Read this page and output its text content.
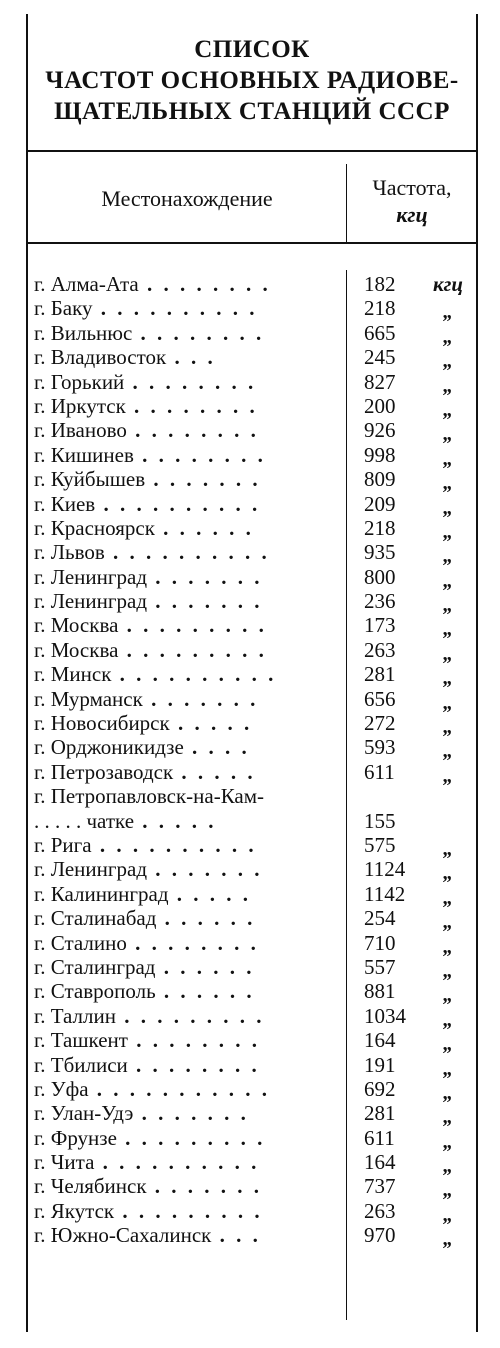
СПИСОК
ЧАСТОТ ОСНОВНЫХ РАДИОВЕ-
ЩАТЕЛЬНЫХ СТАНЦИЙ СССР
Местонахождение	Частота,
кгц
г. Алма-Ата . . . . . . . .	182	кгц
г. Баку . . . . . . . . . .	218	„
г. Вильнюс . . . . . . . .	665	„
г. Владивосток . . .	245	„
г. Горький . . . . . . . .	827	„
г. Иркутск . . . . . . . .	200	„
г. Иваново . . . . . . . .	926	„
г. Кишинев . . . . . . . .	998	„
г. Куйбышев . . . . . . .	809	„
г. Киев . . . . . . . . . .	209	„
г. Красноярск . . . . . .	218	„
г. Львов . . . . . . . . . .	935	„
г. Ленинград . . . . . . .	800	„
г. Ленинград . . . . . . .	236	„
г. Москва . . . . . . . . .	173	„
г. Москва . . . . . . . . .	263	„
г. Минск . . . . . . . . . .	281	„
г. Мурманск . . . . . . .	656	„
г. Новосибирск . . . . .	272	„
г. Орджоникидзе . . . .	593	„
г. Петрозаводск . . . . .	611	„
г. Петропавловск-на-Кам-
. . . . . чатке . . . . .	155
г. Рига . . . . . . . . . .	575	„
г. Ленинград . . . . . . .	1124	„
г. Калининград . . . . .	1142	„
г. Сталинабад . . . . . .	254	„
г. Сталино . . . . . . . .	710	„
г. Сталинград . . . . . .	557	„
г. Ставрополь . . . . . .	881	„
г. Таллин . . . . . . . . .	1034	„
г. Ташкент . . . . . . . .	164	„
г. Тбилиси . . . . . . . .	191	„
г. Уфа . . . . . . . . . . .	692	„
г. Улан-Удэ . . . . . . .	281	„
г. Фрунзе . . . . . . . . .	611	„
г. Чита . . . . . . . . . .	164	„
г. Челябинск . . . . . . .	737	„
г. Якутск . . . . . . . . .	263	„
г. Южно-Сахалинск . . .	970	„
